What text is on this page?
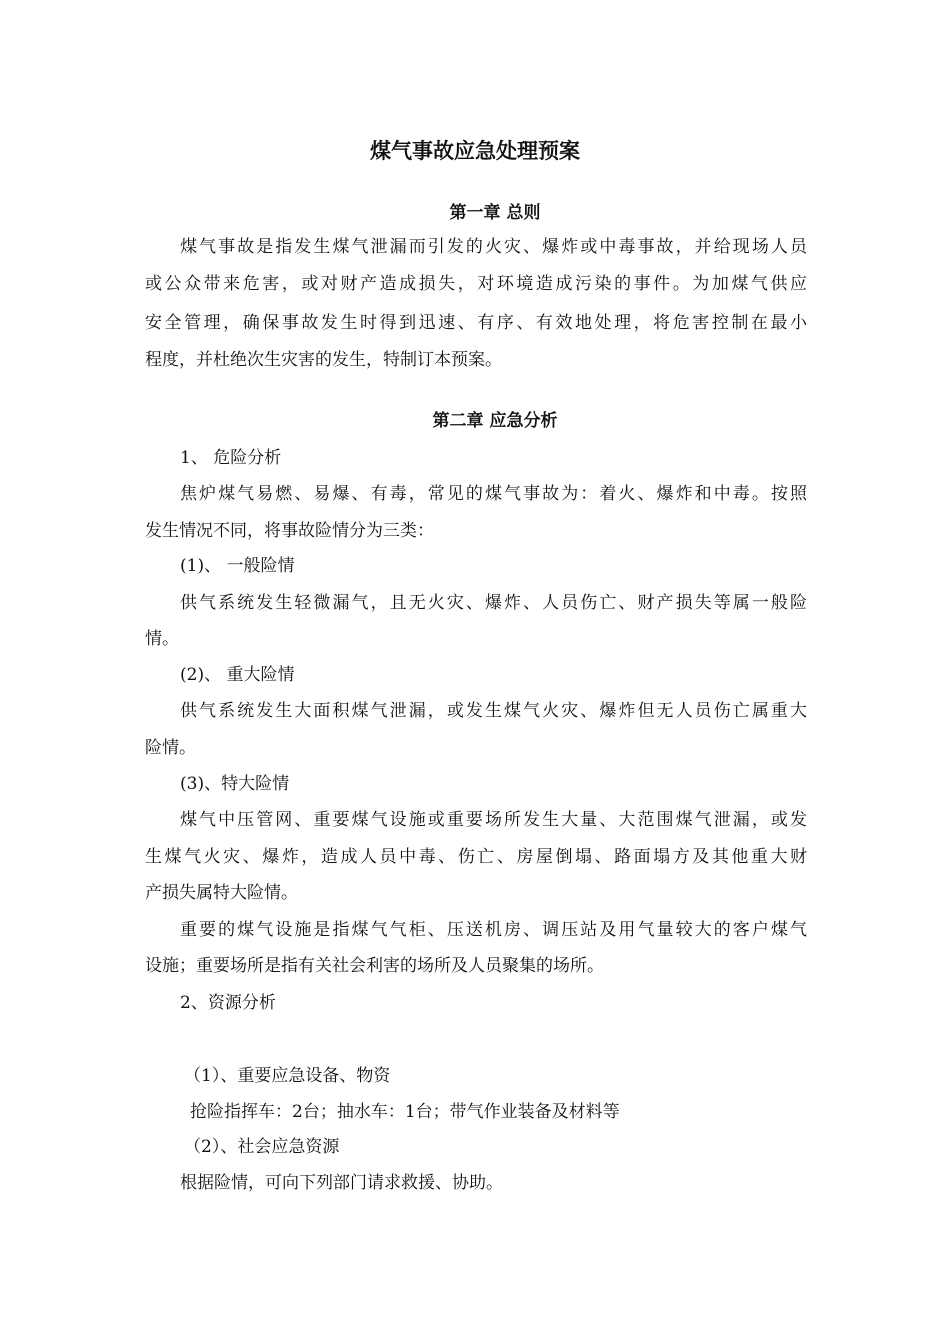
煤气事故应急处理预案
第一章 总则
煤气事故是指发生煤气泄漏而引发的火灾、爆炸或中毒事故，并给现场人员
或公众带来危害，或对财产造成损失，对环境造成污染的事件。为加煤气供应
安全管理，确保事故发生时得到迅速、有序、有效地处理，将危害控制在最小
程度，并杜绝次生灾害的发生，特制订本预案。
第二章 应急分析
1、 危险分析
焦炉煤气易燃、易爆、有毒，常见的煤气事故为：着火、爆炸和中毒。按照
发生情况不同，将事故险情分为三类：
(1)、 一般险情
供气系统发生轻微漏气，且无火灾、爆炸、人员伤亡、财产损失等属一般险
情。
(2)、 重大险情
供气系统发生大面积煤气泄漏，或发生煤气火灾、爆炸但无人员伤亡属重大
险情。
(3)、特大险情
煤气中压管网、重要煤气设施或重要场所发生大量、大范围煤气泄漏，或发
生煤气火灾、爆炸，造成人员中毒、伤亡、房屋倒塌、路面塌方及其他重大财
产损失属特大险情。
重要的煤气设施是指煤气气柜、压送机房、调压站及用气量较大的客户煤气
设施；重要场所是指有关社会利害的场所及人员聚集的场所。
2、资源分析
（1）、重要应急设备、物资
抢险指挥车：2台；抽水车：1台；带气作业装备及材料等
（2）、社会应急资源
根据险情，可向下列部门请求救援、协助。
